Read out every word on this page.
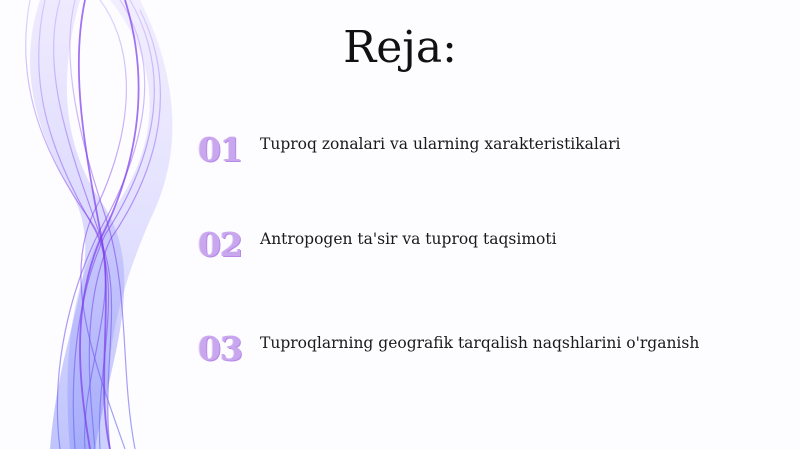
Reja:
01 Tuproq zonalari va ularning xarakteristikalari
02 Antropogen ta'sir va tuproq taqsimoti
03 Tuproqlarning geografik tarqalish naqshlarini o'rganish
